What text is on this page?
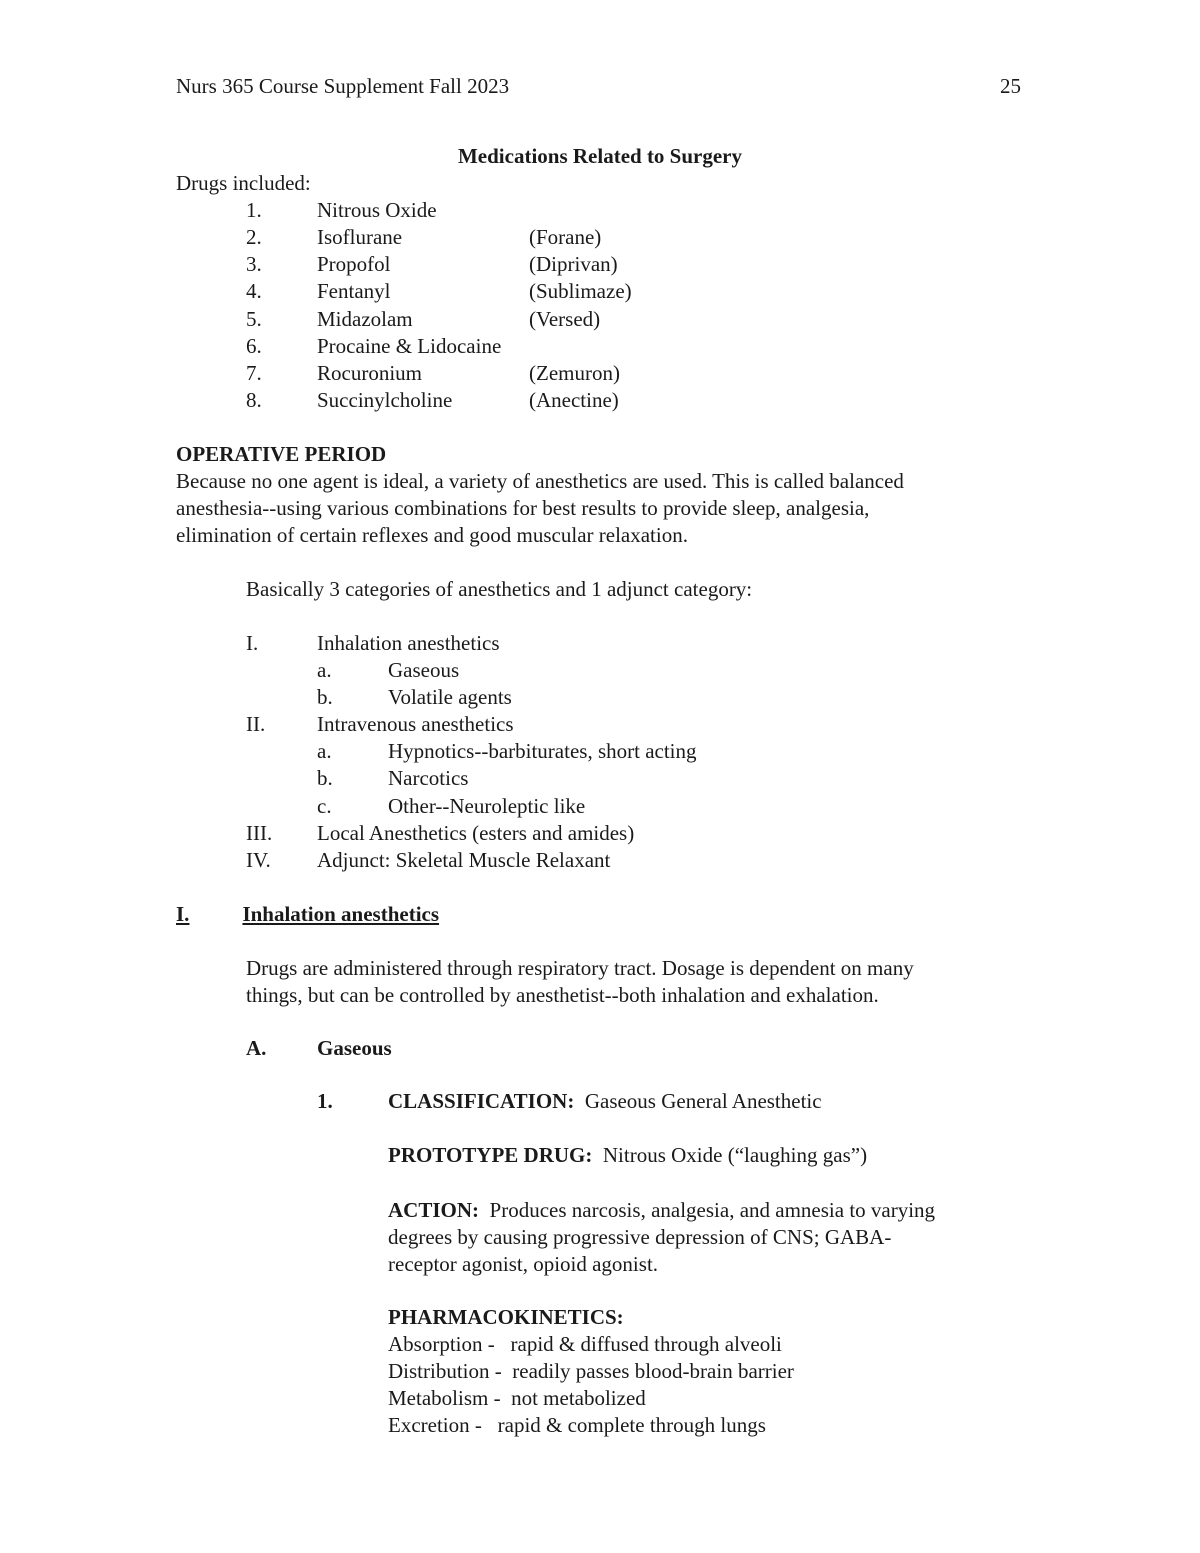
Nurs 365 Course Supplement Fall 2023	25
Medications Related to Surgery
Drugs included:
1.	Nitrous Oxide
2.	Isoflurane	(Forane)
3.	Propofol	(Diprivan)
4.	Fentanyl	(Sublimaze)
5.	Midazolam	(Versed)
6.	Procaine & Lidocaine
7.	Rocuronium	(Zemuron)
8.	Succinylcholine	(Anectine)
OPERATIVE PERIOD
Because no one agent is ideal, a variety of anesthetics are used. This is called balanced
anesthesia--using various combinations for best results to provide sleep, analgesia,
elimination of certain reflexes and good muscular relaxation.
Basically 3 categories of anesthetics and 1 adjunct category:
I.	Inhalation anesthetics
a.	Gaseous
b.	Volatile agents
II. Intravenous anesthetics
a.	Hypnotics--barbiturates, short acting
b.	Narcotics
c.	Other--Neuroleptic like
III. Local Anesthetics (esters and amides)
IV. Adjunct: Skeletal Muscle Relaxant
I.	Inhalation anesthetics
Drugs are administered through respiratory tract. Dosage is dependent on many
things, but can be controlled by anesthetist--both inhalation and exhalation.
A. Gaseous
1.	CLASSIFICATION: Gaseous General Anesthetic
PROTOTYPE DRUG: Nitrous Oxide (“laughing gas”)
ACTION: Produces narcosis, analgesia, and amnesia to varying
degrees by causing progressive depression of CNS; GABA-
receptor agonist, opioid agonist.
PHARMACOKINETICS:
Absorption - rapid & diffused through alveoli
Distribution - readily passes blood-brain barrier
Metabolism - not metabolized
Excretion - rapid & complete through lungs
